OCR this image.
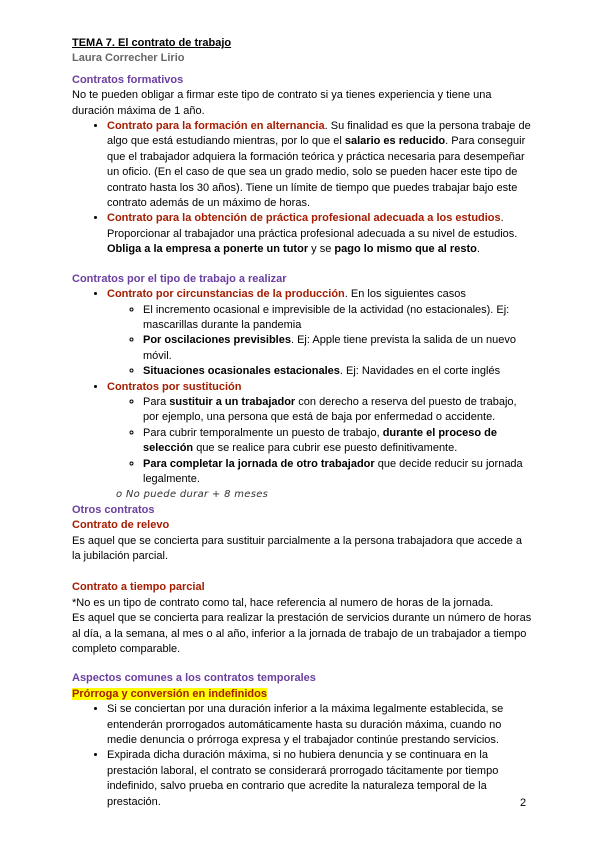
TEMA 7. El contrato de trabajo
Laura Correcher Lirio
Contratos formativos

No te pueden obligar a firmar este tipo de contrato si ya tienes experiencia y tiene una duración máxima de 1 año.

• Contrato para la formación en alternancia. Su finalidad es que la persona trabaje de algo que está estudiando mientras, por lo que el salario es reducido. Para conseguir que el trabajador adquiera la formación teórica y práctica necesaria para desempeñar un oficio. (En el caso de que sea un grado medio, solo se pueden hacer este tipo de contrato hasta los 30 años). Tiene un límite de tiempo que puedes trabajar bajo este contrato además de un máximo de horas.
• Contrato para la obtención de práctica profesional adecuada a los estudios. Proporcionar al trabajador una práctica profesional adecuada a su nivel de estudios. Obliga a la empresa a ponerte un tutor y se pago lo mismo que al resto.
Contratos por el tipo de trabajo a realizar
• Contrato por circunstancias de la producción. En los siguientes casos
◦ El incremento ocasional e imprevisible de la actividad (no estacionales). Ej: mascarillas durante la pandemia
◦ Por oscilaciones previsibles. Ej: Apple tiene prevista la salida de un nuevo móvil.
◦ Situaciones ocasionales estacionales. Ej: Navidades en el corte inglés
• Contratos por sustitución
◦ Para sustituir a un trabajador con derecho a reserva del puesto de trabajo, por ejemplo, una persona que está de baja por enfermedad o accidente.
◦ Para cubrir temporalmente un puesto de trabajo, durante el proceso de selección que se realice para cubrir ese puesto definitivamente.
◦ Para completar la jornada de otro trabajador que decide reducir su jornada legalmente.
o No puede durar + 8 meses
Otros contratos
Contrato de relevo

Es aquel que se concierta para sustituir parcialmente a la persona trabajadora que accede a la jubilación parcial.

Contrato a tiempo parcial

*No es un tipo de contrato como tal, hace referencia al numero de horas de la jornada.

Es aquel que se concierta para realizar la prestación de servicios durante un número de horas al día, a la semana, al mes o al año, inferior a la jornada de trabajo de un trabajador a tiempo completo comparable.

Aspectos comunes a los contratos temporales
Prórroga y conversión en indefinidos
• Si se conciertan por una duración inferior a la máxima legalmente establecida, se entenderán prorrogados automáticamente hasta su duración máxima, cuando no medie denuncia o prórroga expresa y el trabajador continúe prestando servicios.
• Expirada dicha duración máxima, si no hubiera denuncia y se continuara en la prestación laboral, el contrato se considerará prorrogado tácitamente por tiempo indefinido, salvo prueba en contrario que acredite la naturaleza temporal de la prestación.	2
